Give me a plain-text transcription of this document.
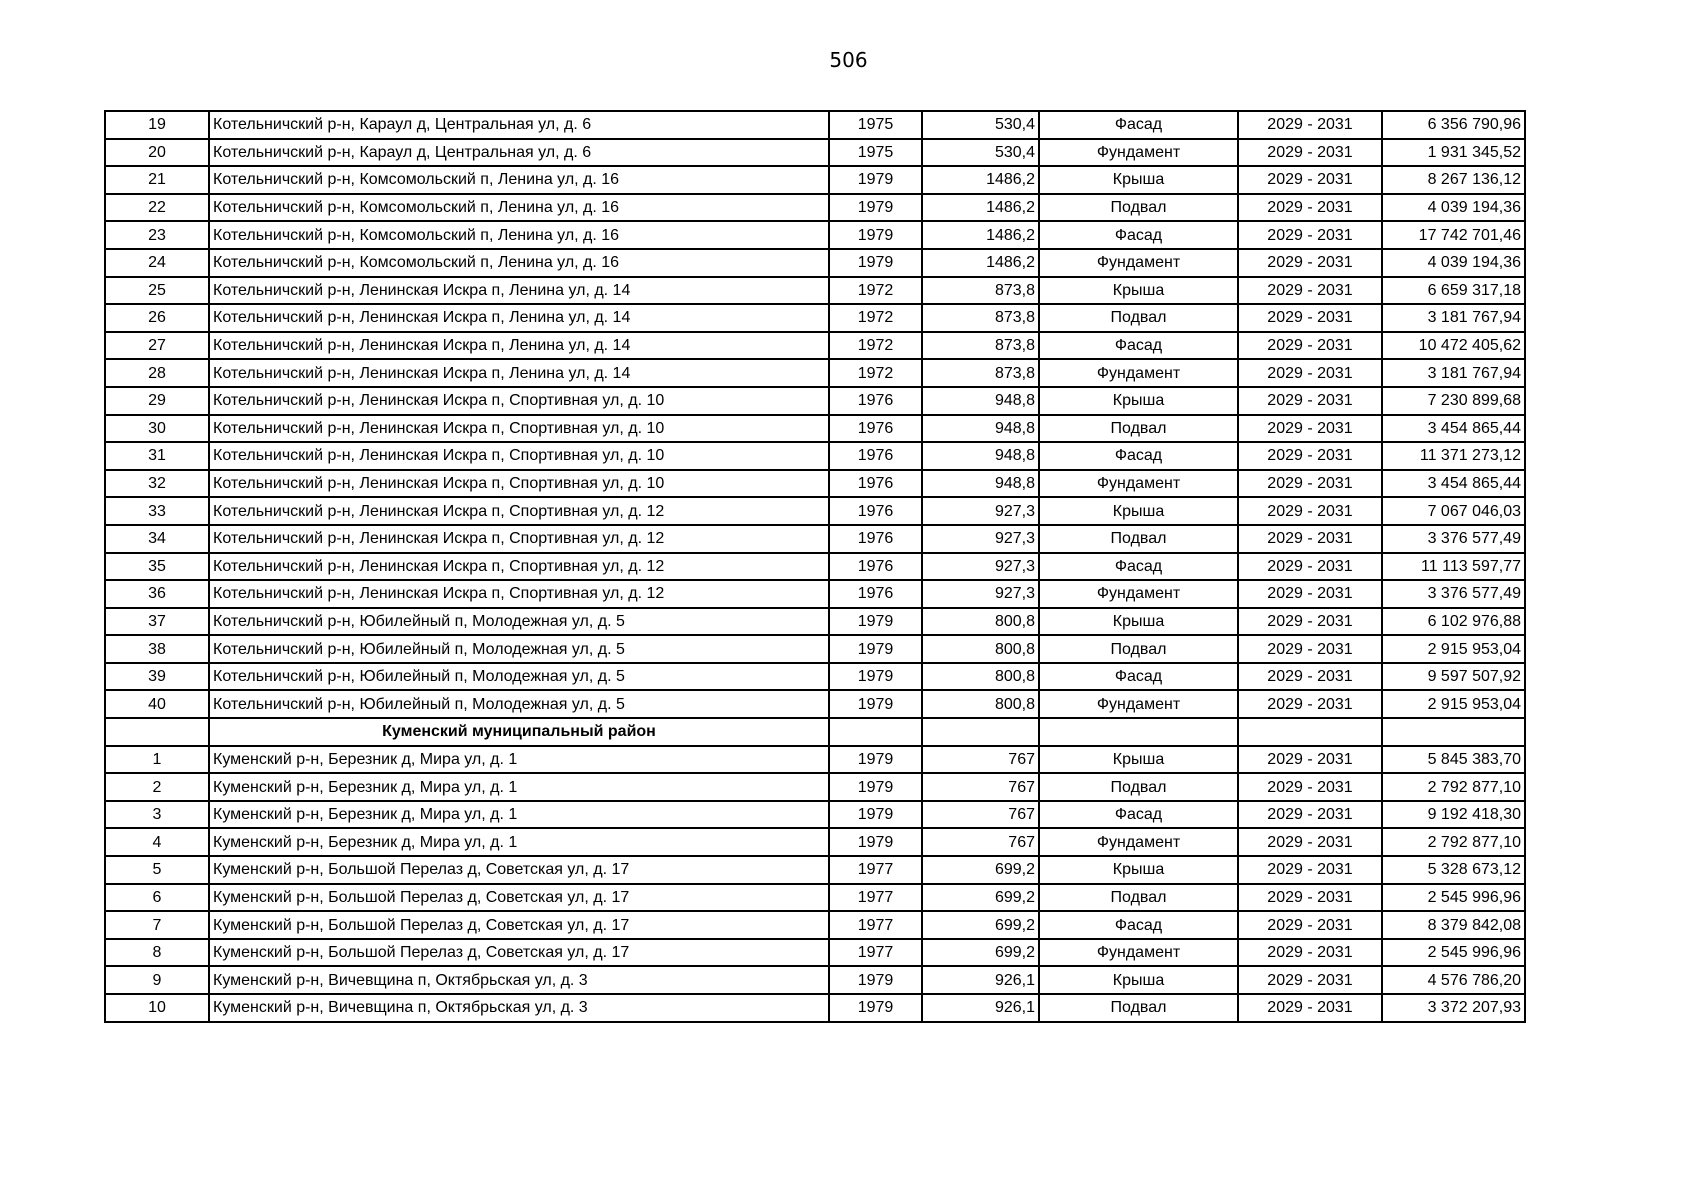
506
19	Котельничский р-н, Караул д, Центральная ул, д. 6	1975	530,4	Фасад	2029 - 2031	6 356 790,96
20	Котельничский р-н, Караул д, Центральная ул, д. 6	1975	530,4	Фундамент	2029 - 2031	1 931 345,52
21	Котельничский р-н, Комсомольский п, Ленина ул, д. 16	1979	1486,2	Крыша	2029 - 2031	8 267 136,12
22	Котельничский р-н, Комсомольский п, Ленина ул, д. 16	1979	1486,2	Подвал	2029 - 2031	4 039 194,36
23	Котельничский р-н, Комсомольский п, Ленина ул, д. 16	1979	1486,2	Фасад	2029 - 2031	17 742 701,46
24	Котельничский р-н, Комсомольский п, Ленина ул, д. 16	1979	1486,2	Фундамент	2029 - 2031	4 039 194,36
25	Котельничский р-н, Ленинская Искра п, Ленина ул, д. 14	1972	873,8	Крыша	2029 - 2031	6 659 317,18
26	Котельничский р-н, Ленинская Искра п, Ленина ул, д. 14	1972	873,8	Подвал	2029 - 2031	3 181 767,94
27	Котельничский р-н, Ленинская Искра п, Ленина ул, д. 14	1972	873,8	Фасад	2029 - 2031	10 472 405,62
28	Котельничский р-н, Ленинская Искра п, Ленина ул, д. 14	1972	873,8	Фундамент	2029 - 2031	3 181 767,94
29	Котельничский р-н, Ленинская Искра п, Спортивная ул, д. 10	1976	948,8	Крыша	2029 - 2031	7 230 899,68
30	Котельничский р-н, Ленинская Искра п, Спортивная ул, д. 10	1976	948,8	Подвал	2029 - 2031	3 454 865,44
31	Котельничский р-н, Ленинская Искра п, Спортивная ул, д. 10	1976	948,8	Фасад	2029 - 2031	11 371 273,12
32	Котельничский р-н, Ленинская Искра п, Спортивная ул, д. 10	1976	948,8	Фундамент	2029 - 2031	3 454 865,44
33	Котельничский р-н, Ленинская Искра п, Спортивная ул, д. 12	1976	927,3	Крыша	2029 - 2031	7 067 046,03
34	Котельничский р-н, Ленинская Искра п, Спортивная ул, д. 12	1976	927,3	Подвал	2029 - 2031	3 376 577,49
35	Котельничский р-н, Ленинская Искра п, Спортивная ул, д. 12	1976	927,3	Фасад	2029 - 2031	11 113 597,77
36	Котельничский р-н, Ленинская Искра п, Спортивная ул, д. 12	1976	927,3	Фундамент	2029 - 2031	3 376 577,49
37	Котельничский р-н, Юбилейный п, Молодежная ул, д. 5	1979	800,8	Крыша	2029 - 2031	6 102 976,88
38	Котельничский р-н, Юбилейный п, Молодежная ул, д. 5	1979	800,8	Подвал	2029 - 2031	2 915 953,04
39	Котельничский р-н, Юбилейный п, Молодежная ул, д. 5	1979	800,8	Фасад	2029 - 2031	9 597 507,92
40	Котельничский р-н, Юбилейный п, Молодежная ул, д. 5	1979	800,8	Фундамент	2029 - 2031	2 915 953,04
	Куменский муниципальный район					
1	Куменский р-н, Березник д, Мира ул, д. 1	1979	767	Крыша	2029 - 2031	5 845 383,70
2	Куменский р-н, Березник д, Мира ул, д. 1	1979	767	Подвал	2029 - 2031	2 792 877,10
3	Куменский р-н, Березник д, Мира ул, д. 1	1979	767	Фасад	2029 - 2031	9 192 418,30
4	Куменский р-н, Березник д, Мира ул, д. 1	1979	767	Фундамент	2029 - 2031	2 792 877,10
5	Куменский р-н, Большой Перелаз д, Советская ул, д. 17	1977	699,2	Крыша	2029 - 2031	5 328 673,12
6	Куменский р-н, Большой Перелаз д, Советская ул, д. 17	1977	699,2	Подвал	2029 - 2031	2 545 996,96
7	Куменский р-н, Большой Перелаз д, Советская ул, д. 17	1977	699,2	Фасад	2029 - 2031	8 379 842,08
8	Куменский р-н, Большой Перелаз д, Советская ул, д. 17	1977	699,2	Фундамент	2029 - 2031	2 545 996,96
9	Куменский р-н, Вичевщина п, Октябрьская ул, д. 3	1979	926,1	Крыша	2029 - 2031	4 576 786,20
10	Куменский р-н, Вичевщина п, Октябрьская ул, д. 3	1979	926,1	Подвал	2029 - 2031	3 372 207,93
